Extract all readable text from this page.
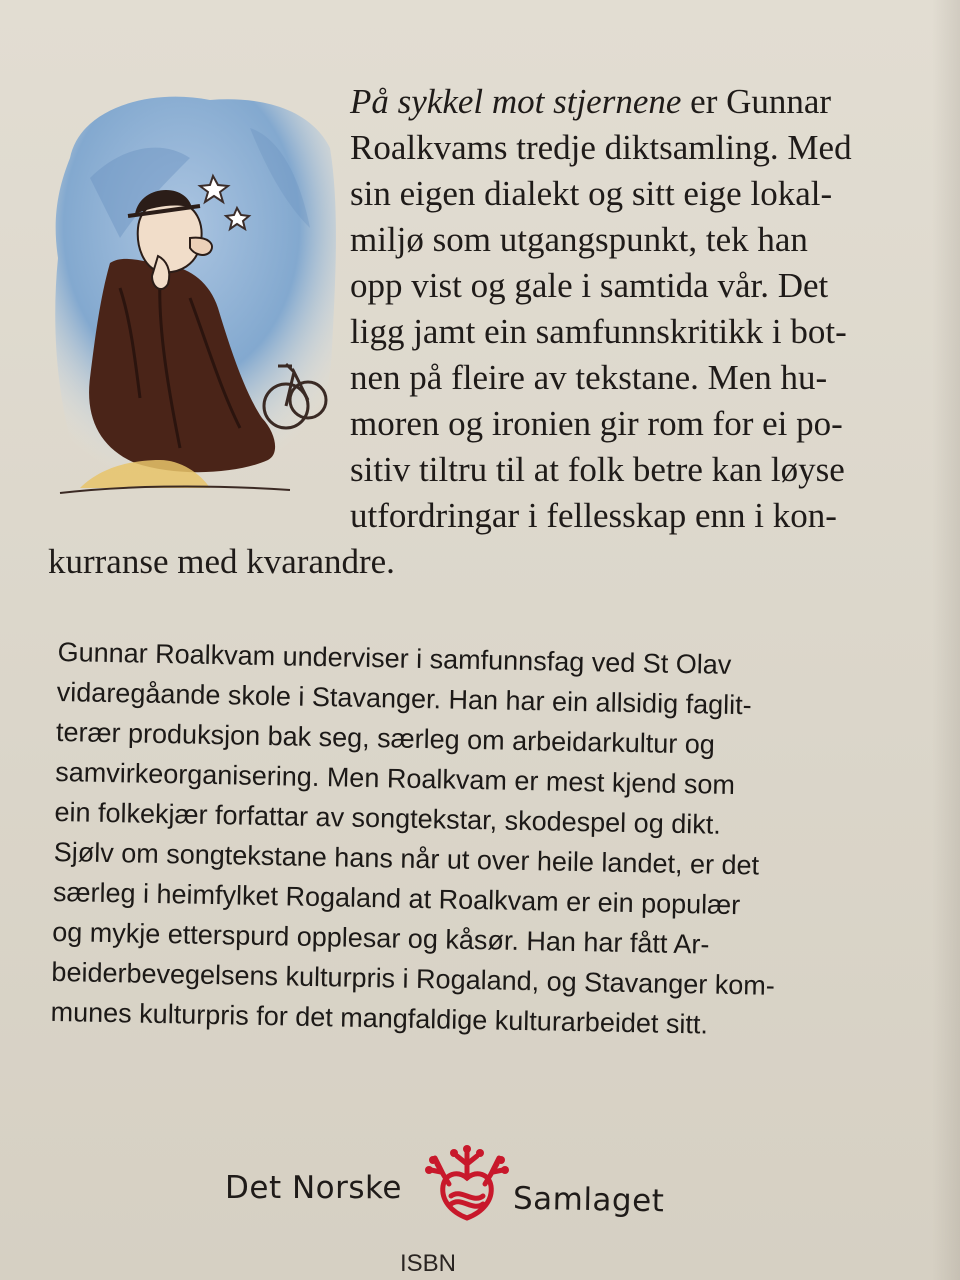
På sykkel mot stjernene er Gunnar
Roalkvams tredje diktsamling. Med
sin eigen dialekt og sitt eige lokal-
miljø som utgangspunkt, tek han
opp vist og gale i samtida vår. Det
ligg jamt ein samfunnskritikk i bot-
nen på fleire av tekstane. Men hu-
moren og ironien gir rom for ei po-
sitiv tiltru til at folk betre kan løyse
utfordringar i fellesskap enn i kon-

kurranse med kvarandre.

Gunnar Roalkvam underviser i samfunnsfag ved St Olav
vidaregåande skole i Stavanger. Han har ein allsidig faglit-
terær produksjon bak seg, særleg om arbeidarkultur og
samvirkeorganisering. Men Roalkvam er mest kjend som
ein folkekjær forfattar av songtekstar, skodespel og dikt.
Sjølv om songtekstane hans når ut over heile landet, er det
særleg i heimfylket Rogaland at Roalkvam er ein populær
og mykje etterspurd opplesar og kåsør. Han har fått Ar-
beiderbevegelsens kulturpris i Rogaland, og Stavanger kom-
munes kulturpris for det mangfaldige kulturarbeidet sitt.

Det Norske	Samlaget
ISBN
